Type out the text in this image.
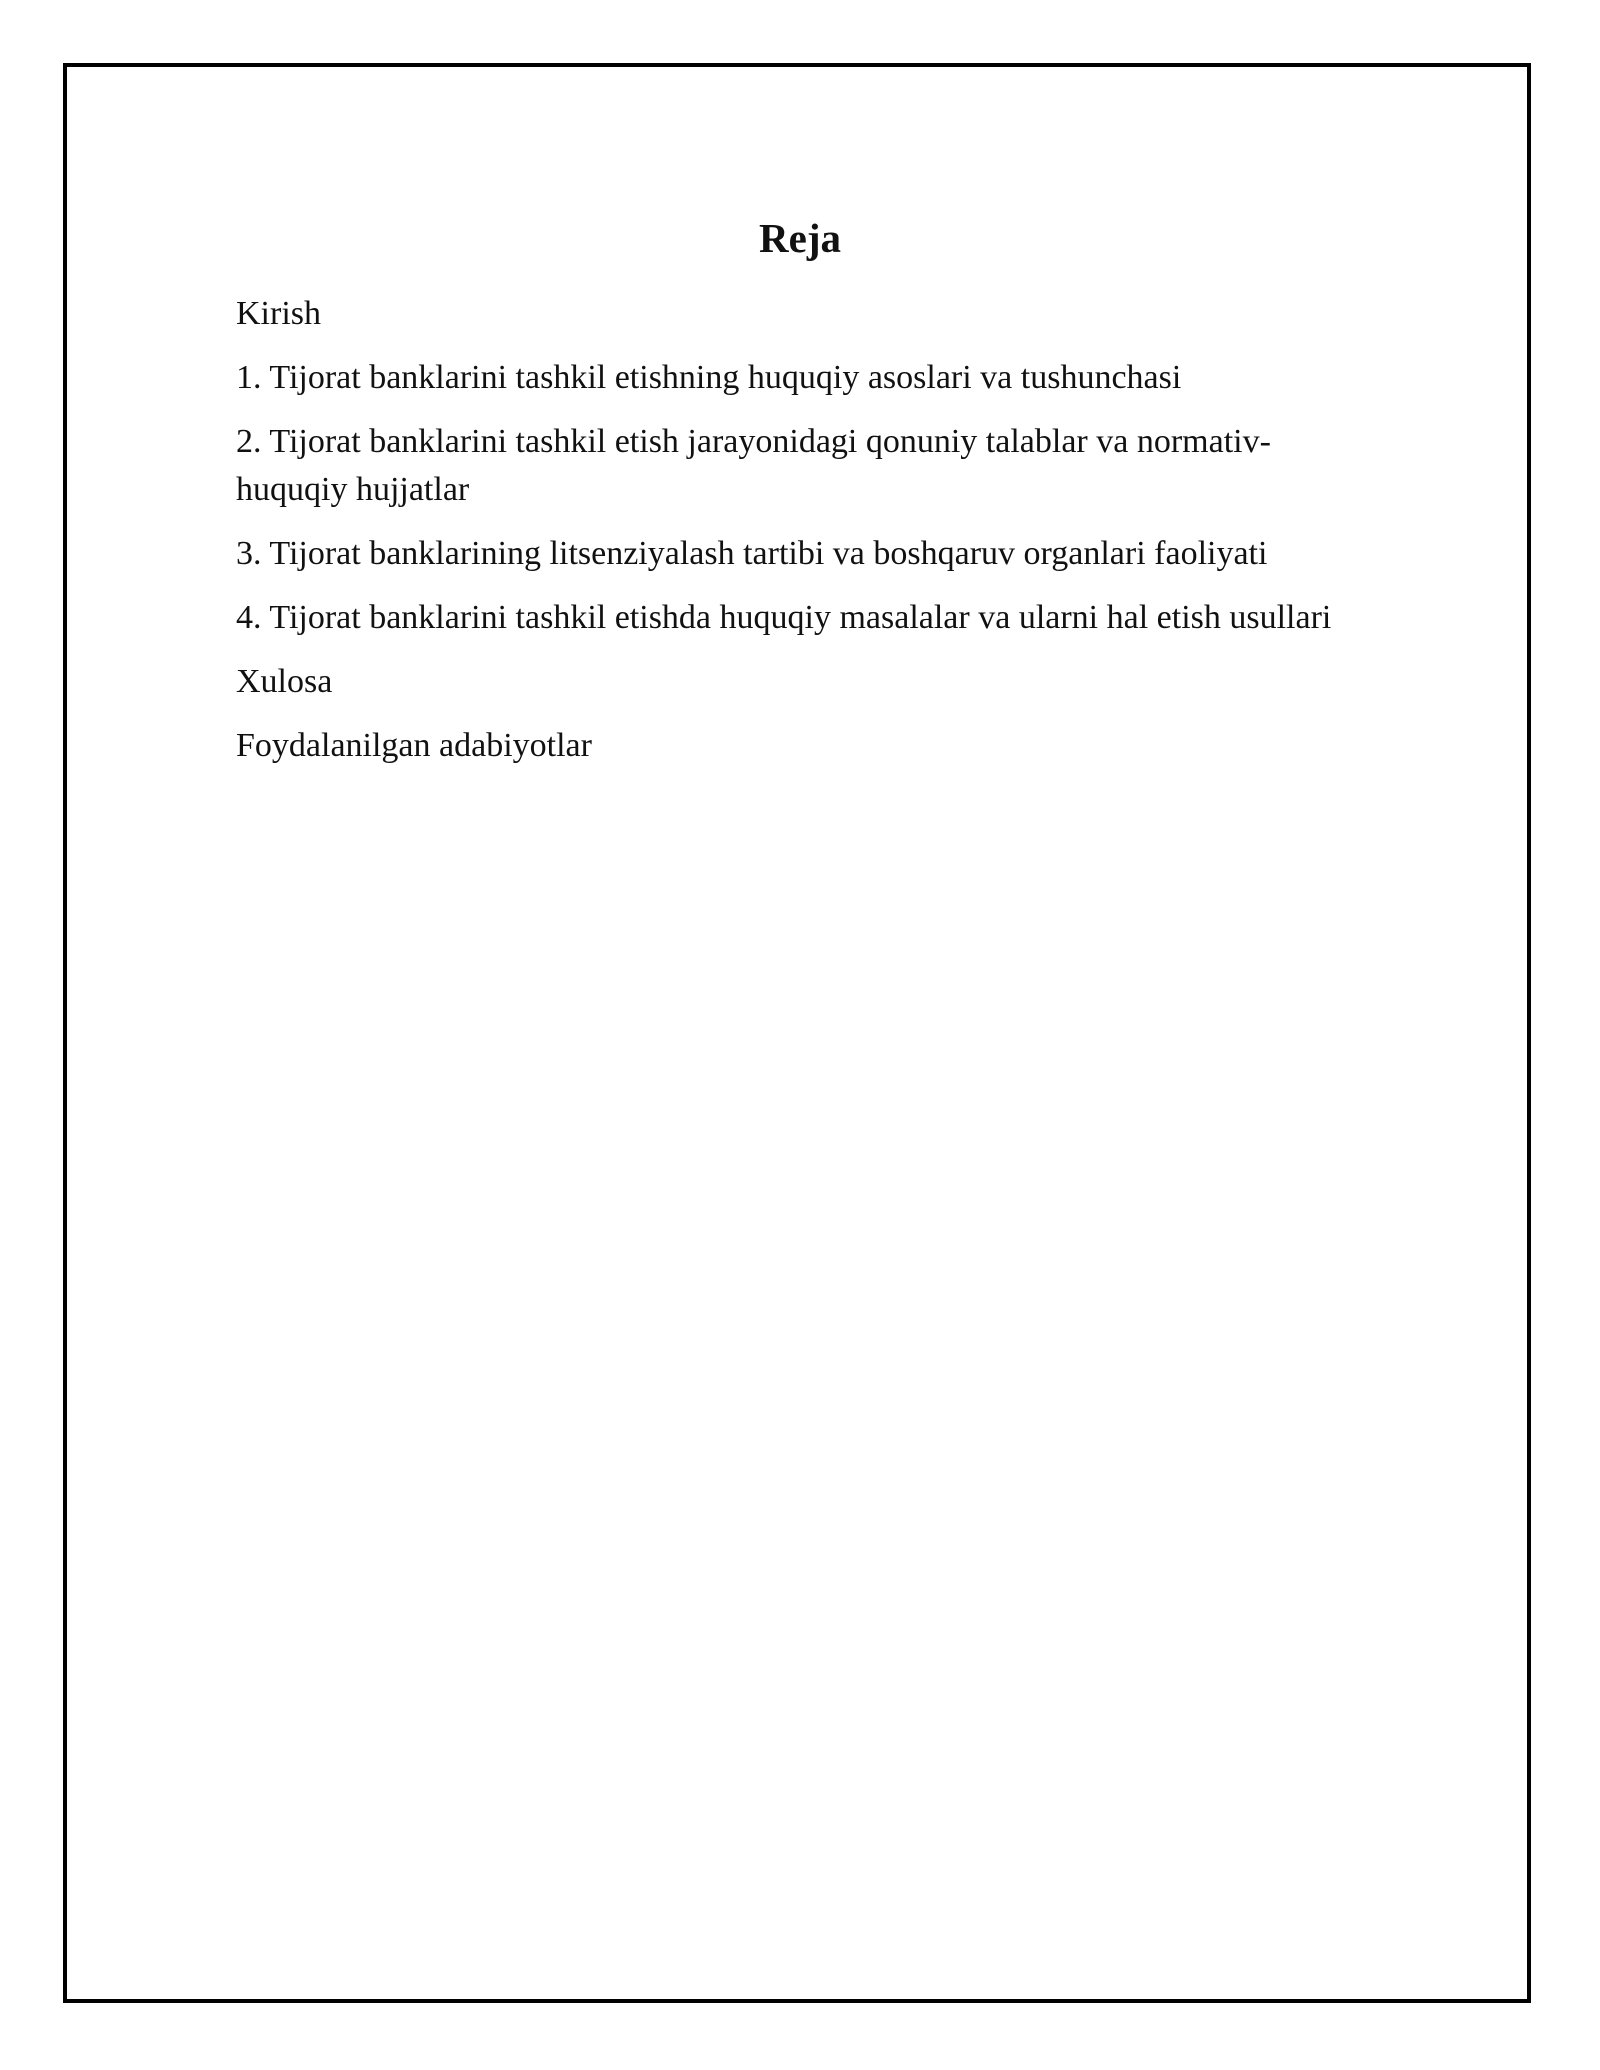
Reja
Kirish
1. Tijorat banklarini tashkil etishning huquqiy asoslari va tushunchasi
2. Tijorat banklarini tashkil etish jarayonidagi qonuniy talablar va normativ-huquqiy hujjatlar
3. Tijorat banklarining litsenziyalash tartibi va boshqaruv organlari faoliyati
4. Tijorat banklarini tashkil etishda huquqiy masalalar va ularni hal etish usullari
Xulosa
Foydalanilgan adabiyotlar
